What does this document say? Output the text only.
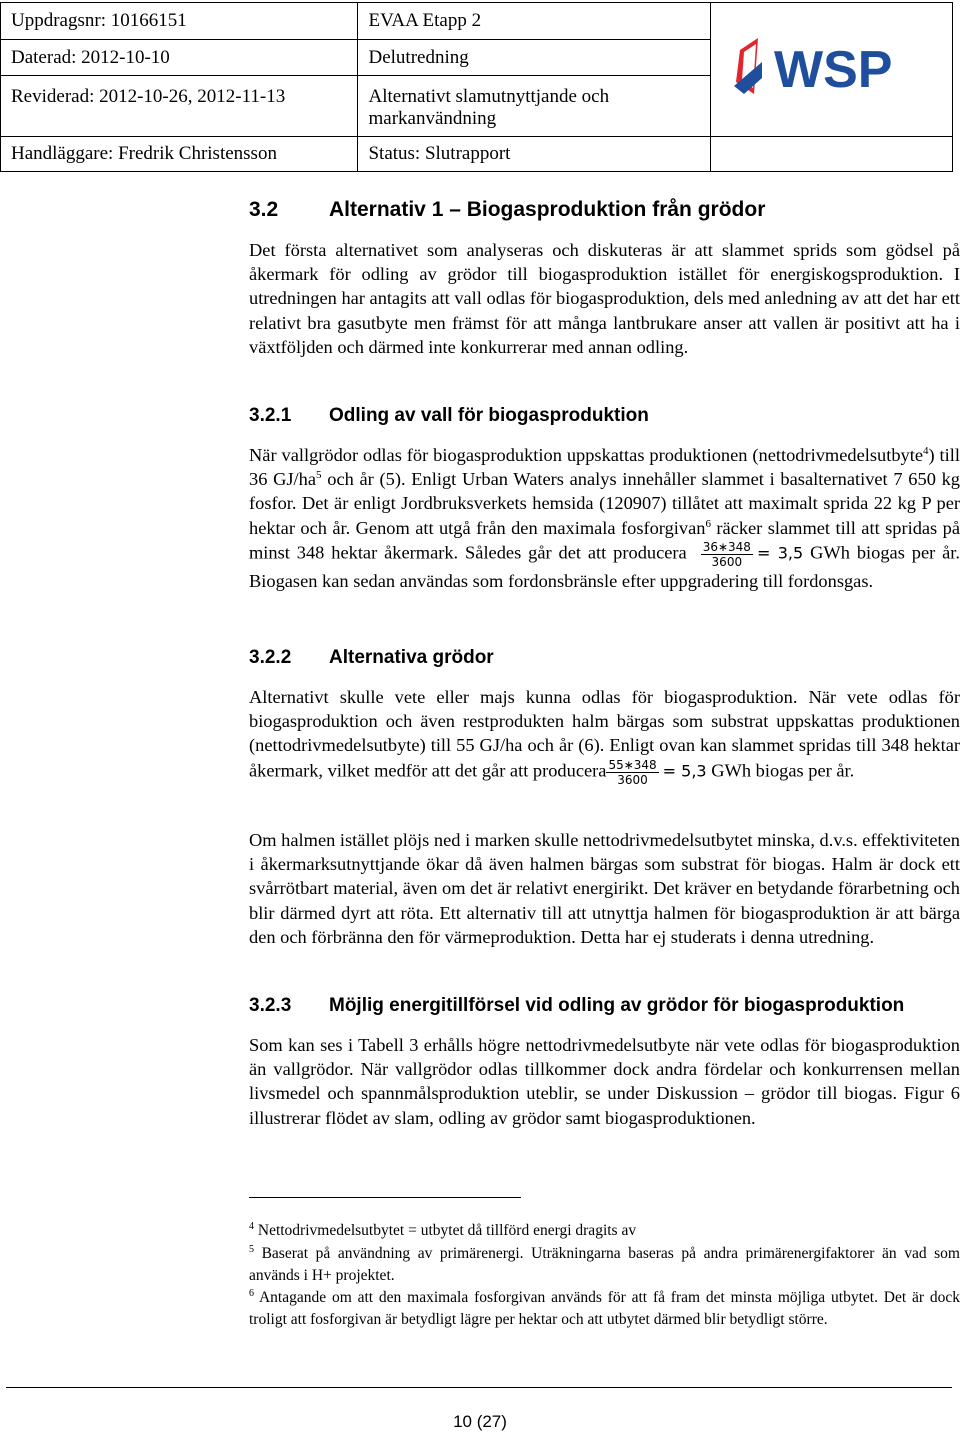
Uppdragsnr: 10166151	EVAA Etapp 2	WSP

Daterad: 2012-10-10	Delutredning	
Reviderad: 2012-10-26, 2012-11-13	Alternativt slamutnyttjande och markanvändning	
Handläggare: Fredrik Christensson	Status: Slutrapport	
3.2 Alternativ 1 – Biogasproduktion från grödor

Det första alternativet som analyseras och diskuteras är att slammet sprids som gödsel på åkermark för odling av grödor till biogasproduktion istället för energiskogsproduktion. I utredningen har antagits att vall odlas för biogasproduktion, dels med anledning av att det har ett relativt bra gasutbyte men främst för att många lantbrukare anser att vallen är positivt att ha i växtföljden och därmed inte konkurrerar med annan odling.

3.2.1 Odling av vall för biogasproduktion

När vallgrödor odlas för biogasproduktion uppskattas produktionen (nettodrivmedelsutbyte$^4$) till 36 $GJ/ha^5$ och år (5). Enligt Urban Waters analys innehåller slammet i basalternativet 7 650 kg fosfor. Det är enligt Jordbruksverkets hemsida (120907) tillåtet att maximalt sprida 22 kg P per hektar och år. Genom att utgå från den maximala fosforgivan$^6$ räcker slammet till att spridas på minst 348 hektar åkermark. Således går det att producera $\frac{36∗348}{3600} = 3,5$ GWh biogas per år. Biogasen kan sedan användas som fordonsbränsle efter uppgradering till fordonsgas.

3.2.2 Alternativa grödor

Alternativt skulle vete eller majs kunna odlas för biogasproduktion. När vete odlas för biogasproduktion och även restprodukten halm bärgas som substrat uppskattas produktionen (nettodrivmedelsutbyte) till 55 GJ/ha och år (6). Enligt ovan kan slammet spridas till 348 hektar åkermark, vilket medför att det går att producera $\frac{55∗348}{3600} = 5,3$ GWh biogas per år.

Om halmen istället plöjs ned i marken skulle nettodrivmedelsutbytet minska, d.v.s. effektiviteten i åkermarksutnyttjande ökar då även halmen bärgas som substrat för biogas. Halm är dock ett svårrötbart material, även om det är relativt energirikt. Det kräver en betydande förarbetning och blir därmed dyrt att röta. Ett alternativ till att utnyttja halmen för biogasproduktion är att bärga den och förbränna den för värmeproduktion. Detta har ej studerats i denna utredning.

3.2.3 Möjlig energitillförsel vid odling av grödor för biogasproduktion

Som kan ses i Tabell 3 erhålls högre nettodrivmedelsutbyte när vete odlas för biogasproduktion än vallgrödor. När vallgrödor odlas tillkommer dock andra fördelar och konkurrensen mellan livsmedel och spannmålsproduktion uteblir, se under Diskussion – grödor till biogas. Figur 6 illustrerar flödet av slam, odling av grödor samt biogasproduktionen.

$^4$ Nettodrivmedelsutbytet = utbytet då tillförd energi dragits av
$^5$ Baserat på användning av primärenergi. Uträkningarna baseras på andra primärenergifaktorer än vad som används i H+ projektet.
$^6$ Antagande om att den maximala fosforgivan används för att få fram det minsta möjliga utbytet. Det är dock troligt att fosforgivan är betydligt lägre per hektar och att utbytet därmed blir betydligt större.
10 (27)
